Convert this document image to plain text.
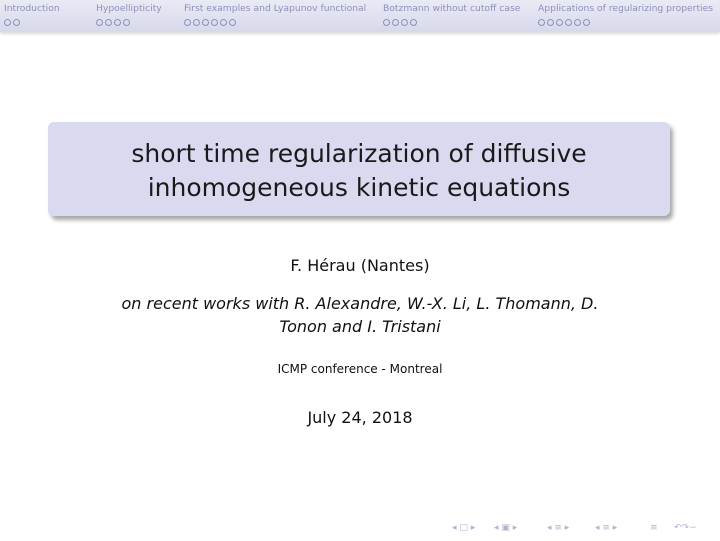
Introduction	Hypoellipticity First examples and Lyapunov functional Botzmann without cutoff case Applications of regularizing properties
short time regularization of diffusive
inhomogeneous kinetic equations
F. Hérau (Nantes)
on recent works with R. Alexandre, W.-X. Li, L. Thomann, D.
Tonon and I. Tristani
ICMP conference - Montreal
July 24, 2018
◂ □ ▸ ◂ ▣ ▸	◂ ≡ ▸	◂ ≡ ▸	≡ ↶↷∽
